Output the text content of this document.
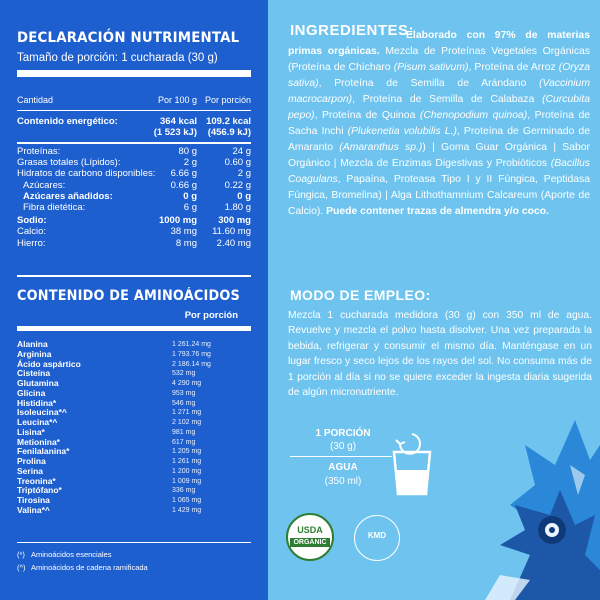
DECLARACIÓN NUTRIMENTAL
Tamaño de porción: 1 cucharada (30 g)
Cantidad	Por 100 g Por porción
Contenido energético:	364 kcal 109.2 kcal
(1 523 kJ)	(456.9 kJ)
Proteínas:	80 g	24 g
Grasas totales (Lípidos):	2 g	0.60 g
Hidratos de carbono disponibles:	6.66 g	2 g
Azúcares:	0.66 g	0.22 g
Azúcares añadidos:	0 g	0 g
Fibra dietética:	6 g	1.80 g
Sodio:	1000 mg	300 mg
Calcio:	38 mg	11.60 mg
Hierro:	8 mg	2.40 mg
CONTENIDO DE AMINOÁCIDOS
Por porción
Alanina	1 261.24 mg
Arginina	1 793.76 mg
Ácido aspártico	2 186.14 mg
Cisteína	532 mg
Glutamina	4 290 mg
Glicina	953 mg
Histidina*	546 mg
Isoleucina*^	1 271 mg
Leucina*^	2 102 mg
Lisina*	981 mg
Metionina*	617 mg
Fenilalanina*	1 205 mg
Prolina	1 261 mg
Serina	1 200 mg
Treonina*	1 009 mg
Triptófano*	336 mg
Tirosina	1 065 mg
Valina*^	1 429 mg
(*) Aminoácidos esenciales
(^) Aminoácidos de cadena ramificada
INGREDIENTES:
Elaborado con 97% de materias primas orgánicas. Mezcla de Proteínas Vegetales Orgánicas (Proteína de Chícharo (Pisum sativum), Proteína de Arroz (Oryza sativa), Proteína de Semilla de Arándano (Vaccinium macrocarpon), Proteína de Semilla de Calabaza (Curcubita pepo), Proteína de Quinoa (Chenopodium quinoa), Proteína de Sacha Inchi (Plukenetia volubilis L.), Proteína de Germinado de Amaranto (Amaranthus sp.)) | Goma Guar Orgánica | Sabor Orgánico | Mezcla de Enzimas Digestivas y Probióticos (Bacillus Coagulans, Papaína, Proteasa Tipo I y II Fúngica, Peptidasa Fúngica, Bromelina) | Alga Lithothamnium Calcareum (Aporte de Calcio). Puede contener trazas de almendra y/o coco.
MODO DE EMPLEO:
Mezcla 1 cucharada medidora (30 g) con 350 ml de agua. Revuelve y mezcla el polvo hasta disolver. Una vez preparada la bebida, refrigerar y consumir el mismo día. Manténgase en un lugar fresco y seco lejos de los rayos del sol. No consuma más de 1 porción al día si no se quiere exceder la ingesta diaria sugerida de algún micronutriente.
1 PORCIÓN
(30 g)
AGUA
(350 ml)
USDA
ORGANIC
KMD
